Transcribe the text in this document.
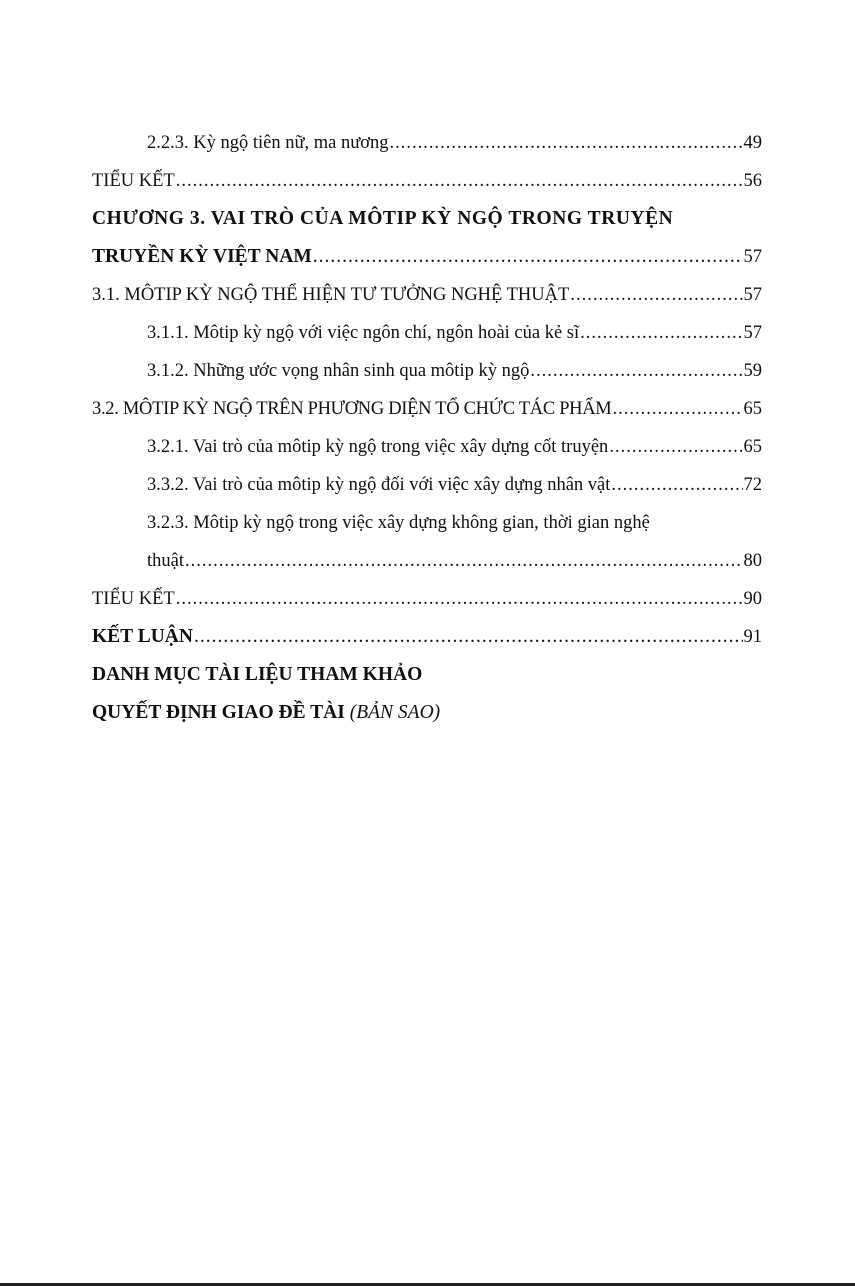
2.2.3. Kỳ ngộ tiên nữ, ma nương .....	49
TIỂU KẾT .....	56
CHƯƠNG 3. VAI TRÒ CỦA MÔTIP KỲ NGỘ TRONG TRUYỆN
TRUYỀN KỲ VIỆT NAM .....	57
3.1. MÔTIP KỲ NGỘ THỂ HIỆN TƯ TƯỞNG NGHỆ THUẬT .....	57
3.1.1. Môtip kỳ ngộ với việc ngôn chí, ngôn hoài của kẻ sĩ .....	57
3.1.2. Những ước vọng nhân sinh qua môtip kỳ ngộ .....	59
3.2. MÔTIP KỲ NGỘ TRÊN PHƯƠNG DIỆN TỔ CHỨC TÁC PHẨM .....	65
3.2.1. Vai trò của môtip kỳ ngộ trong việc xây dựng cốt truyện .....	65
3.3.2. Vai trò của môtip kỳ ngộ đối với việc xây dựng nhân vật .....	72
3.2.3. Môtip kỳ ngộ trong việc xây dựng không gian, thời gian nghệ
thuật .....	80
TIỂU KẾT .....	90
KẾT LUẬN .....	91
DANH MỤC TÀI LIỆU THAM KHẢO
QUYẾT ĐỊNH GIAO ĐỀ TÀI (BẢN SAO)
